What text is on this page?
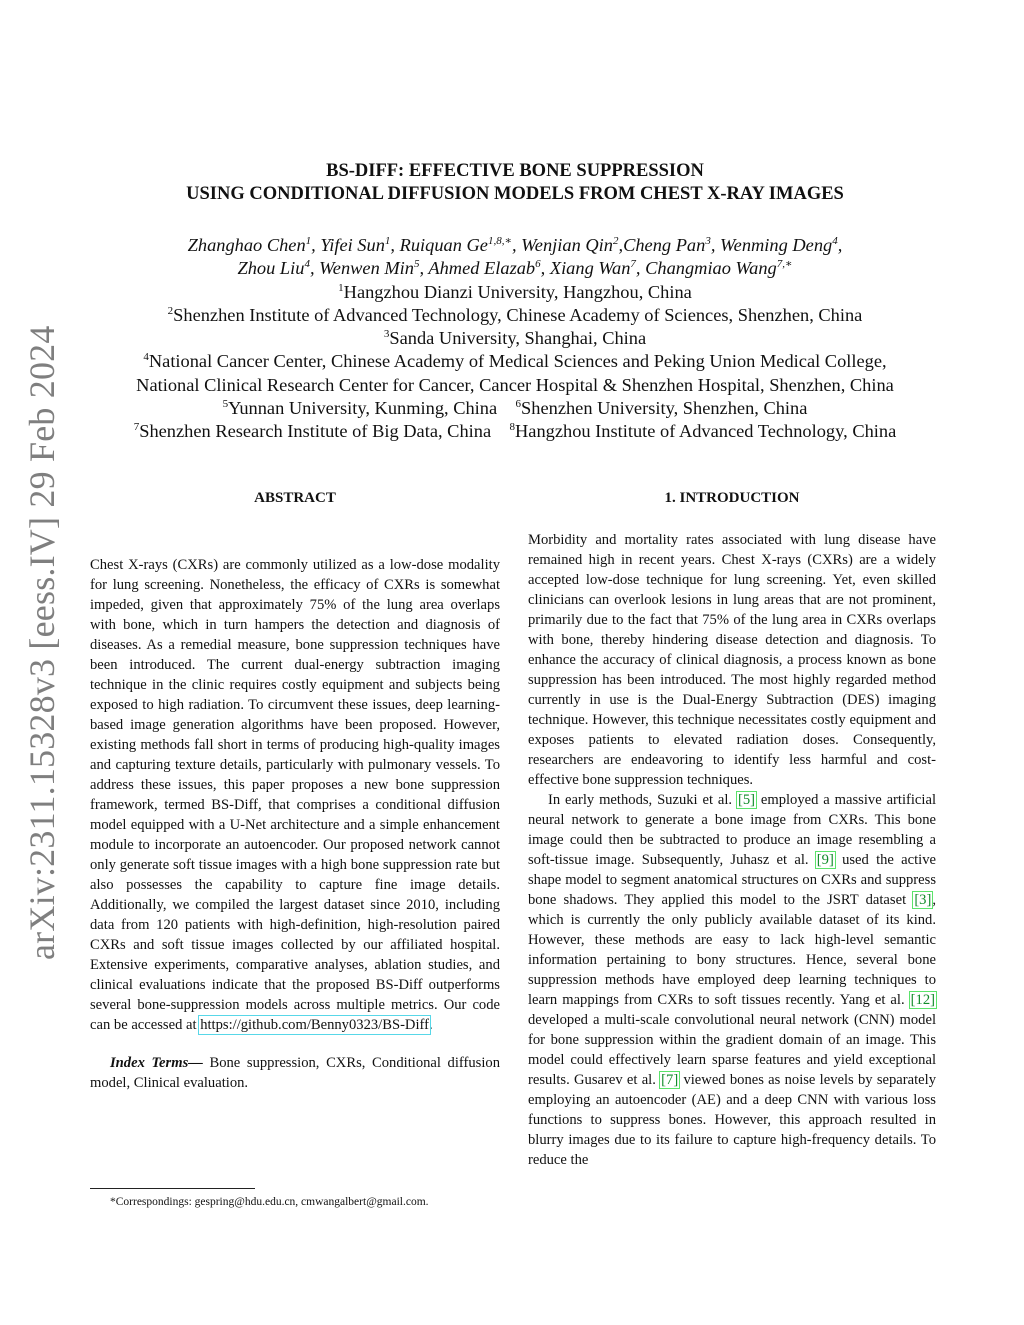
arXiv:2311.15328v3 [eess.IV] 29 Feb 2024
BS-DIFF: EFFECTIVE BONE SUPPRESSION
USING CONDITIONAL DIFFUSION MODELS FROM CHEST X-RAY IMAGES
Zhanghao Chen$^1$, Yifei Sun$^1$, Ruiquan $Ge^{1,8,∗}$, Wenjian Qin$^2$,Cheng Pan$^3$, Wenming Deng$^4$,
Zhou Liu$^4$, Wenwen Min$^5$, Ahmed Elazab$^6$, Xiang Wan$^7$, Changmiao Wang$^{7,∗}$
$^1$Hangzhou Dianzi University, Hangzhou, China
$^2$Shenzhen Institute of Advanced Technology, Chinese Academy of Sciences, Shenzhen, China
$^3$Sanda University, Shanghai, China
$^4$National Cancer Center, Chinese Academy of Medical Sciences and Peking Union Medical College,
National Clinical Research Center for Cancer, Cancer Hospital & Shenzhen Hospital, Shenzhen, China
$^5$Yunnan University, Kunming, China  $^6$Shenzhen University, Shenzhen, China
$^7$Shenzhen Research Institute of Big Data, China  $^8$Hangzhou Institute of Advanced Technology, China
ABSTRACT

Chest X-rays (CXRs) are commonly utilized as a low-dose modality for lung screening. Nonetheless, the efficacy of CXRs is somewhat impeded, given that approximately 75% of the lung area overlaps with bone, which in turn hampers the detection and diagnosis of diseases. As a remedial measure, bone suppression techniques have been introduced. The current dual-energy subtraction imaging technique in the clinic requires costly equipment and subjects being exposed to high radiation. To circumvent these issues, deep learning-based image generation algorithms have been proposed. However, existing methods fall short in terms of producing high-quality images and capturing texture details, particularly with pulmonary vessels. To address these issues, this paper proposes a new bone suppression framework, termed BS-Diff, that comprises a conditional diffusion model equipped with a U-Net architecture and a simple enhancement module to incorporate an autoencoder. Our proposed network cannot only generate soft tissue images with a high bone suppression rate but also possesses the capability to capture fine image details. Additionally, we compiled the largest dataset since 2010, including data from 120 patients with high-definition, high-resolution paired CXRs and soft tissue images collected by our affiliated hospital. Extensive experiments, comparative analyses, ablation studies, and clinical evaluations indicate that the proposed BS-Diff outperforms several bone-suppression models across multiple metrics. Our code can be accessed at https://github.com/Benny0323/BS-Diff.

Index Terms— Bone suppression, CXRs, Conditional diffusion model, Clinical evaluation.

*Correspondings: gespring@hdu.edu.cn, cmwangalbert@gmail.com.
1. INTRODUCTION

Morbidity and mortality rates associated with lung disease have remained high in recent years. Chest X-rays (CXRs) are a widely accepted low-dose technique for lung screening. Yet, even skilled clinicians can overlook lesions in lung areas that are not prominent, primarily due to the fact that 75% of the lung area in CXRs overlaps with bone, thereby hindering disease detection and diagnosis. To enhance the accuracy of clinical diagnosis, a process known as bone suppression has been introduced. The most highly regarded method currently in use is the Dual-Energy Subtraction (DES) imaging technique. However, this technique necessitates costly equipment and exposes patients to elevated radiation doses. Consequently, researchers are endeavoring to identify less harmful and cost-effective bone suppression techniques.

In early methods, Suzuki et al. [5] employed a massive artificial neural network to generate a bone image from CXRs. This bone image could then be subtracted to produce an image resembling a soft-tissue image. Subsequently, Juhasz et al. [9] used the active shape model to segment anatomical structures on CXRs and suppress bone shadows. They applied this model to the JSRT dataset [3], which is currently the only publicly available dataset of its kind. However, these methods are easy to lack high-level semantic information pertaining to bony structures. Hence, several bone suppression methods have employed deep learning techniques to learn mappings from CXRs to soft tissues recently. Yang et al. [12] developed a multi-scale convolutional neural network (CNN) model for bone suppression within the gradient domain of an image. This model could effectively learn sparse features and yield exceptional results. Gusarev et al. [7] viewed bones as noise levels by separately employing an autoencoder (AE) and a deep CNN with various loss functions to suppress bones. However, this approach resulted in blurry images due to its failure to capture high-frequency details. To reduce the
